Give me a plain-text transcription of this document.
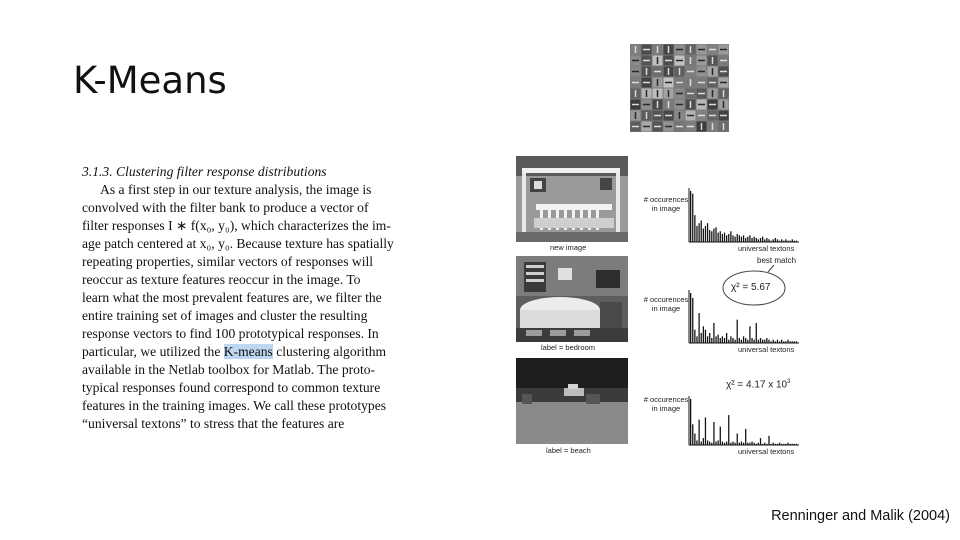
K-Means
3.1.3. Clustering filter response distributions
As a first step in our texture analysis, the image is
convolved with the filter bank to produce a vector of
filter responses I ∗ f(x₀, y₀), which characterizes the im-
age patch centered at x₀, y₀. Because texture has spatially
repeating properties, similar vectors of responses will
reoccur as texture features reoccur in the image. To
learn what the most prevalent features are, we filter the
entire training set of images and cluster the resulting
response vectors to find 100 prototypical responses. In
particular, we utilized the K-means clustering algorithm
available in the Netlab toolbox for Matlab. The proto-
typical responses found correspond to common texture
features in the training images. We call these prototypes
“universal textons” to stress that the features are
new image
# occurences
in image
universal textons
label = bedroom
# occurences
in image
universal textons
best match
χ² = 5.67
label = beach
χ² = 4.17 x $10^3$
# occurences
in image
universal textons
Renninger and Malik (2004)
